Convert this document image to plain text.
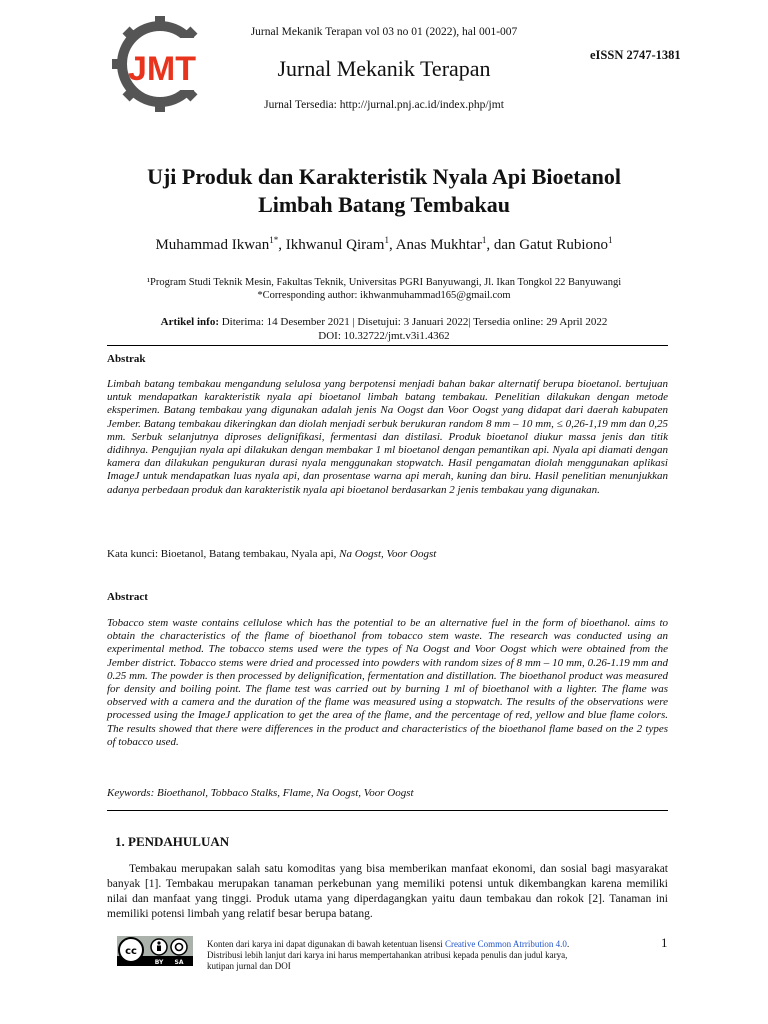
Jurnal Mekanik Terapan vol 03 no 01 (2022), hal 001-007
JMT	Jurnal Mekanik Terapan
eISSN 2747-1381
Jurnal Tersedia: http://jurnal.pnj.ac.id/index.php/jmt
Uji Produk dan Karakteristik Nyala Api Bioetanol
Limbah Batang Tembakau
Muhammad Ikwan$^{1*}$, Ikhwanul Qiram$^1$, Anas Mukhtar$^1$, dan Gatut Rubiono$^1$
¹Program Studi Teknik Mesin, Fakultas Teknik, Universitas PGRI Banyuwangi, Jl. Ikan Tongkol 22 Banyuwangi
*Corresponding author: ikhwanmuhammad165@gmail.com
Artikel info: Diterima: 14 Desember 2021 | Disetujui: 3 Januari 2022| Tersedia online: 29 April 2022
DOI: 10.32722/jmt.v3i1.4362
Abstrak
Limbah batang tembakau mengandung selulosa yang berpotensi menjadi bahan bakar alternatif berupa bioetanol. bertujuan untuk mendapatkan karakteristik nyala api bioetanol limbah batang tembakau. Penelitian dilakukan dengan metode eksperimen. Batang tembakau yang digunakan adalah jenis Na Oogst dan Voor Oogst yang didapat dari daerah kabupaten Jember. Batang tembakau dikeringkan dan diolah menjadi serbuk berukuran random 8 mm – 10 mm, ≤ 0,26-1,19 mm dan 0,25 mm. Serbuk selanjutnya diproses delignifikasi, fermentasi dan distilasi. Produk bioetanol diukur massa jenis dan titik didihnya. Pengujian nyala api dilakukan dengan membakar 1 ml bioetanol dengan pemantikan api. Nyala api diamati dengan kamera dan dilakukan pengukuran durasi nyala menggunakan stopwatch. Hasil pengamatan diolah menggunakan aplikasi ImageJ untuk mendapatkan luas nyala api, dan prosentase warna api merah, kuning dan biru. Hasil penelitian menunjukkan adanya perbedaan produk dan karakteristik nyala api bioetanol berdasarkan 2 jenis tembakau yang digunakan.
Kata kunci: Bioetanol, Batang tembakau, Nyala api, Na Oogst, Voor Oogst
Abstract
Tobacco stem waste contains cellulose which has the potential to be an alternative fuel in the form of bioethanol. aims to obtain the characteristics of the flame of bioethanol from tobacco stem waste. The research was conducted using an experimental method. The tobacco stems used were the types of Na Oogst and Voor Oogst which were obtained from the Jember district. Tobacco stems were dried and processed into powders with random sizes of 8 mm – 10 mm, 0.26-1.19 mm and 0.25 mm. The powder is then processed by delignification, fermentation and distillation. The bioethanol product was measured for density and boiling point. The flame test was carried out by burning 1 ml of bioethanol with a lighter. The flame was observed with a camera and the duration of the flame was measured using a stopwatch. The results of the observations were processed using the ImageJ application to get the area of the flame, and the percentage of red, yellow and blue flame colors. The results showed that there were differences in the product and characteristics of the bioethanol flame based on the 2 types of tobacco used.
Keywords: Bioethanol, Tobbaco Stalks, Flame, Na Oogst, Voor Oogst
1. PENDAHULUAN
Tembakau merupakan salah satu komoditas yang bisa memberikan manfaat ekonomi, dan sosial bagi masyarakat banyak [1]. Tembakau merupakan tanaman perkebunan yang memiliki potensi untuk dikembangkan karena memiliki nilai dan manfaat yang tinggi. Produk utama yang diperdagangkan yaitu daun tembakau dan rokok [2]. Tanaman ini memiliki potensi limbah yang relatif besar berupa batang.
cc
BY SA
Konten dari karya ini dapat digunakan di bawah ketentuan lisensi Creative Common Atrribution 4.0.
Distribusi lebih lanjut dari karya ini harus mempertahankan atribusi kepada penulis dan judul karya,
kutipan jurnal dan DOI
1
